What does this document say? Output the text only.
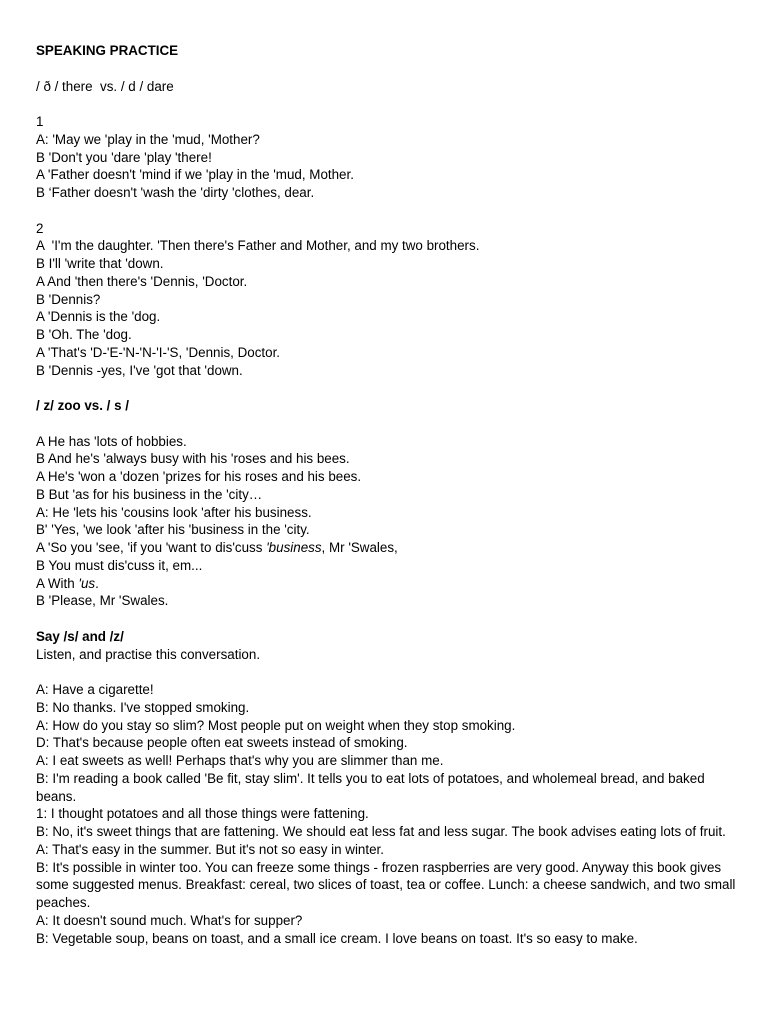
SPEAKING PRACTICE
/ ð / there  vs. / d / dare
1
A: 'May we 'play in the 'mud, 'Mother?
B 'Don't you 'dare 'play 'there!
A 'Father doesn't 'mind if we 'play in the 'mud, Mother.
B ‘Father doesn't 'wash the 'dirty 'clothes, dear.
2
A  'I'm the daughter. 'Then there's Father and Mother, and my two brothers.
B I'll 'write that 'down.
A And 'then there's 'Dennis, 'Doctor.
B 'Dennis?
A 'Dennis is the 'dog.
B 'Oh. The 'dog.
A 'That's 'D-'E-'N-'N-'I-'S, 'Dennis, Doctor.
B 'Dennis -yes, I've 'got that 'down.
/ z/ zoo vs. / s /
A He has 'lots of hobbies.
B And he's 'always busy with his 'roses and his bees.
A He's 'won a 'dozen 'prizes for his roses and his bees.
B But 'as for his business in the 'city…
A: He 'lets his 'cousins look 'after his business.
B' 'Yes, 'we look 'after his 'business in the 'city.
A 'So you 'see, 'if you 'want to dis'cuss 'business, Mr 'Swales,
B You must dis'cuss it, em...
A With 'us.
B 'Please, Mr 'Swales.
Say /s/ and /z/
Listen, and practise this conversation.
A: Have a cigarette!
B: No thanks. I've stopped smoking.
A: How do you stay so slim? Most people put on weight when they stop smoking.
D: That's because people often eat sweets instead of smoking.
A: I eat sweets as well! Perhaps that's why you are slimmer than me.
B: I'm reading a book called 'Be fit, stay slim'. It tells you to eat lots of potatoes, and wholemeal bread, and baked beans.
1: I thought potatoes and all those things were fattening.
B: No, it's sweet things that are fattening. We should eat less fat and less sugar. The book advises eating lots of fruit.
A: That's easy in the summer. But it's not so easy in winter.
B: It's possible in winter too. You can freeze some things - frozen raspberries are very good. Anyway this book gives some suggested menus. Breakfast: cereal, two slices of toast, tea or coffee. Lunch: a cheese sandwich, and two small peaches.
A: It doesn't sound much. What's for supper?
B: Vegetable soup, beans on toast, and a small ice cream. I love beans on toast. It's so easy to make.
